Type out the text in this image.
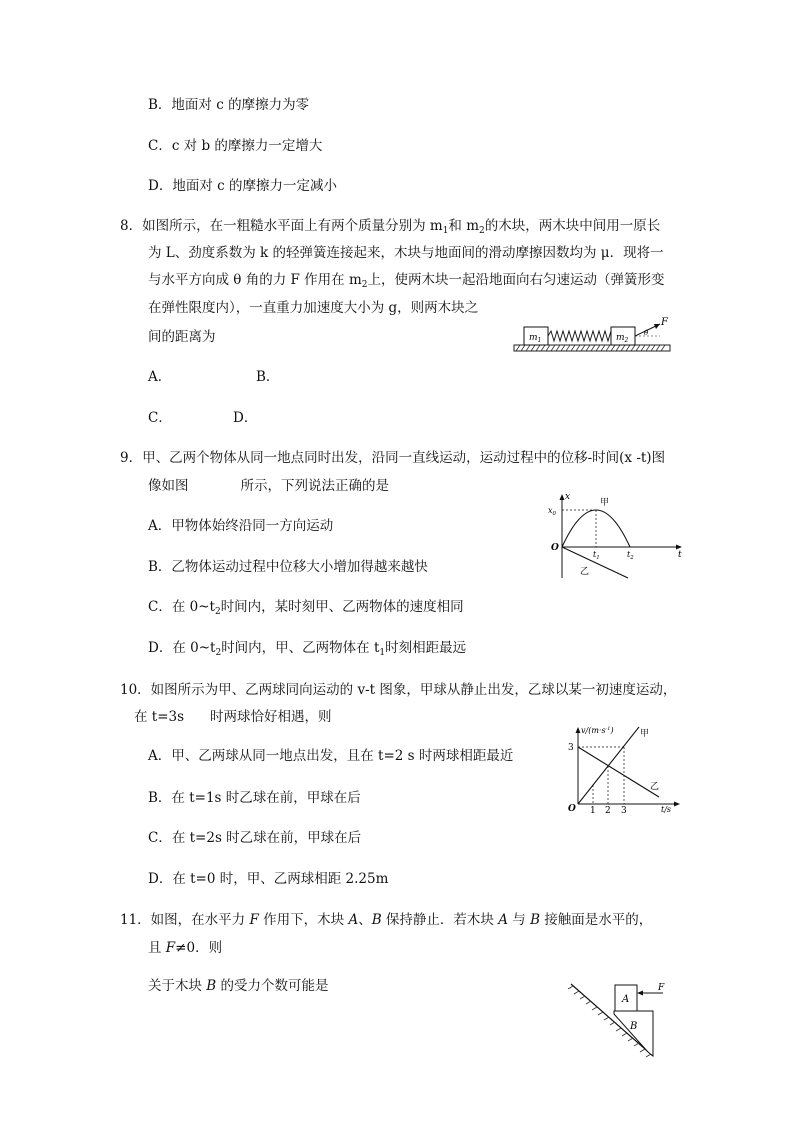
B．地面对 c 的摩擦力为零
C．c 对 b 的摩擦力一定增大
D．地面对 c 的摩擦力一定减小
8．如图所示，在一粗糙水平面上有两个质量分别为 $m_1$和 $m_2$的木块，两木块中间用一原长
为 L、劲度系数为 k 的轻弹簧连接起来，木块与地面间的滑动摩擦因数均为 μ．现将一
与水平方向成 θ 角的力 F 作用在 $m_2$上，使两木块一起沿地面向右匀速运动（弹簧形变
在弹性限度内），一直重力加速度大小为 g，则两木块之
间的距离为
A．	B．
C．	D．
$m_1$	$m_2$
F
θ
9．甲、乙两个物体从同一地点同时出发，沿同一直线运动，运动过程中的位移-时间(x -t)图
像如图	所示，下列说法正确的是
A．甲物体始终沿同一方向运动
B．乙物体运动过程中位移大小增加得越来越快
C．在 $0\sim t_2$时间内，某时刻甲、乙两物体的速度相同
D．在 $0\sim t_2$时间内，甲、乙两物体在 $t_1$时刻相距最远
x
$x_0$
O
t
$t_1$	$t_2$
甲
乙
10．如图所示为甲、乙两球同向运动的 v-t 图象，甲球从静止出发，乙球以某一初速度运动，
在 t=3s 时两球恰好相遇，则
A．甲、乙两球从同一地点出发，且在 t=2 s 时两球相距最近
B．在 t=1s 时乙球在前，甲球在后
C．在 t=2s 时乙球在前，甲球在后
D．在 t=0 时，甲、乙两球相距 2.25m
$v/(m\cdot s^{-1})$
3
O 1 2 3	t/s
甲
乙
11．如图，在水平力 F 作用下，木块 A、B 保持静止．若木块 A 与 B 接触面是水平的，
且 F≠0．则
关于木块 B 的受力个数可能是
A
B
F
